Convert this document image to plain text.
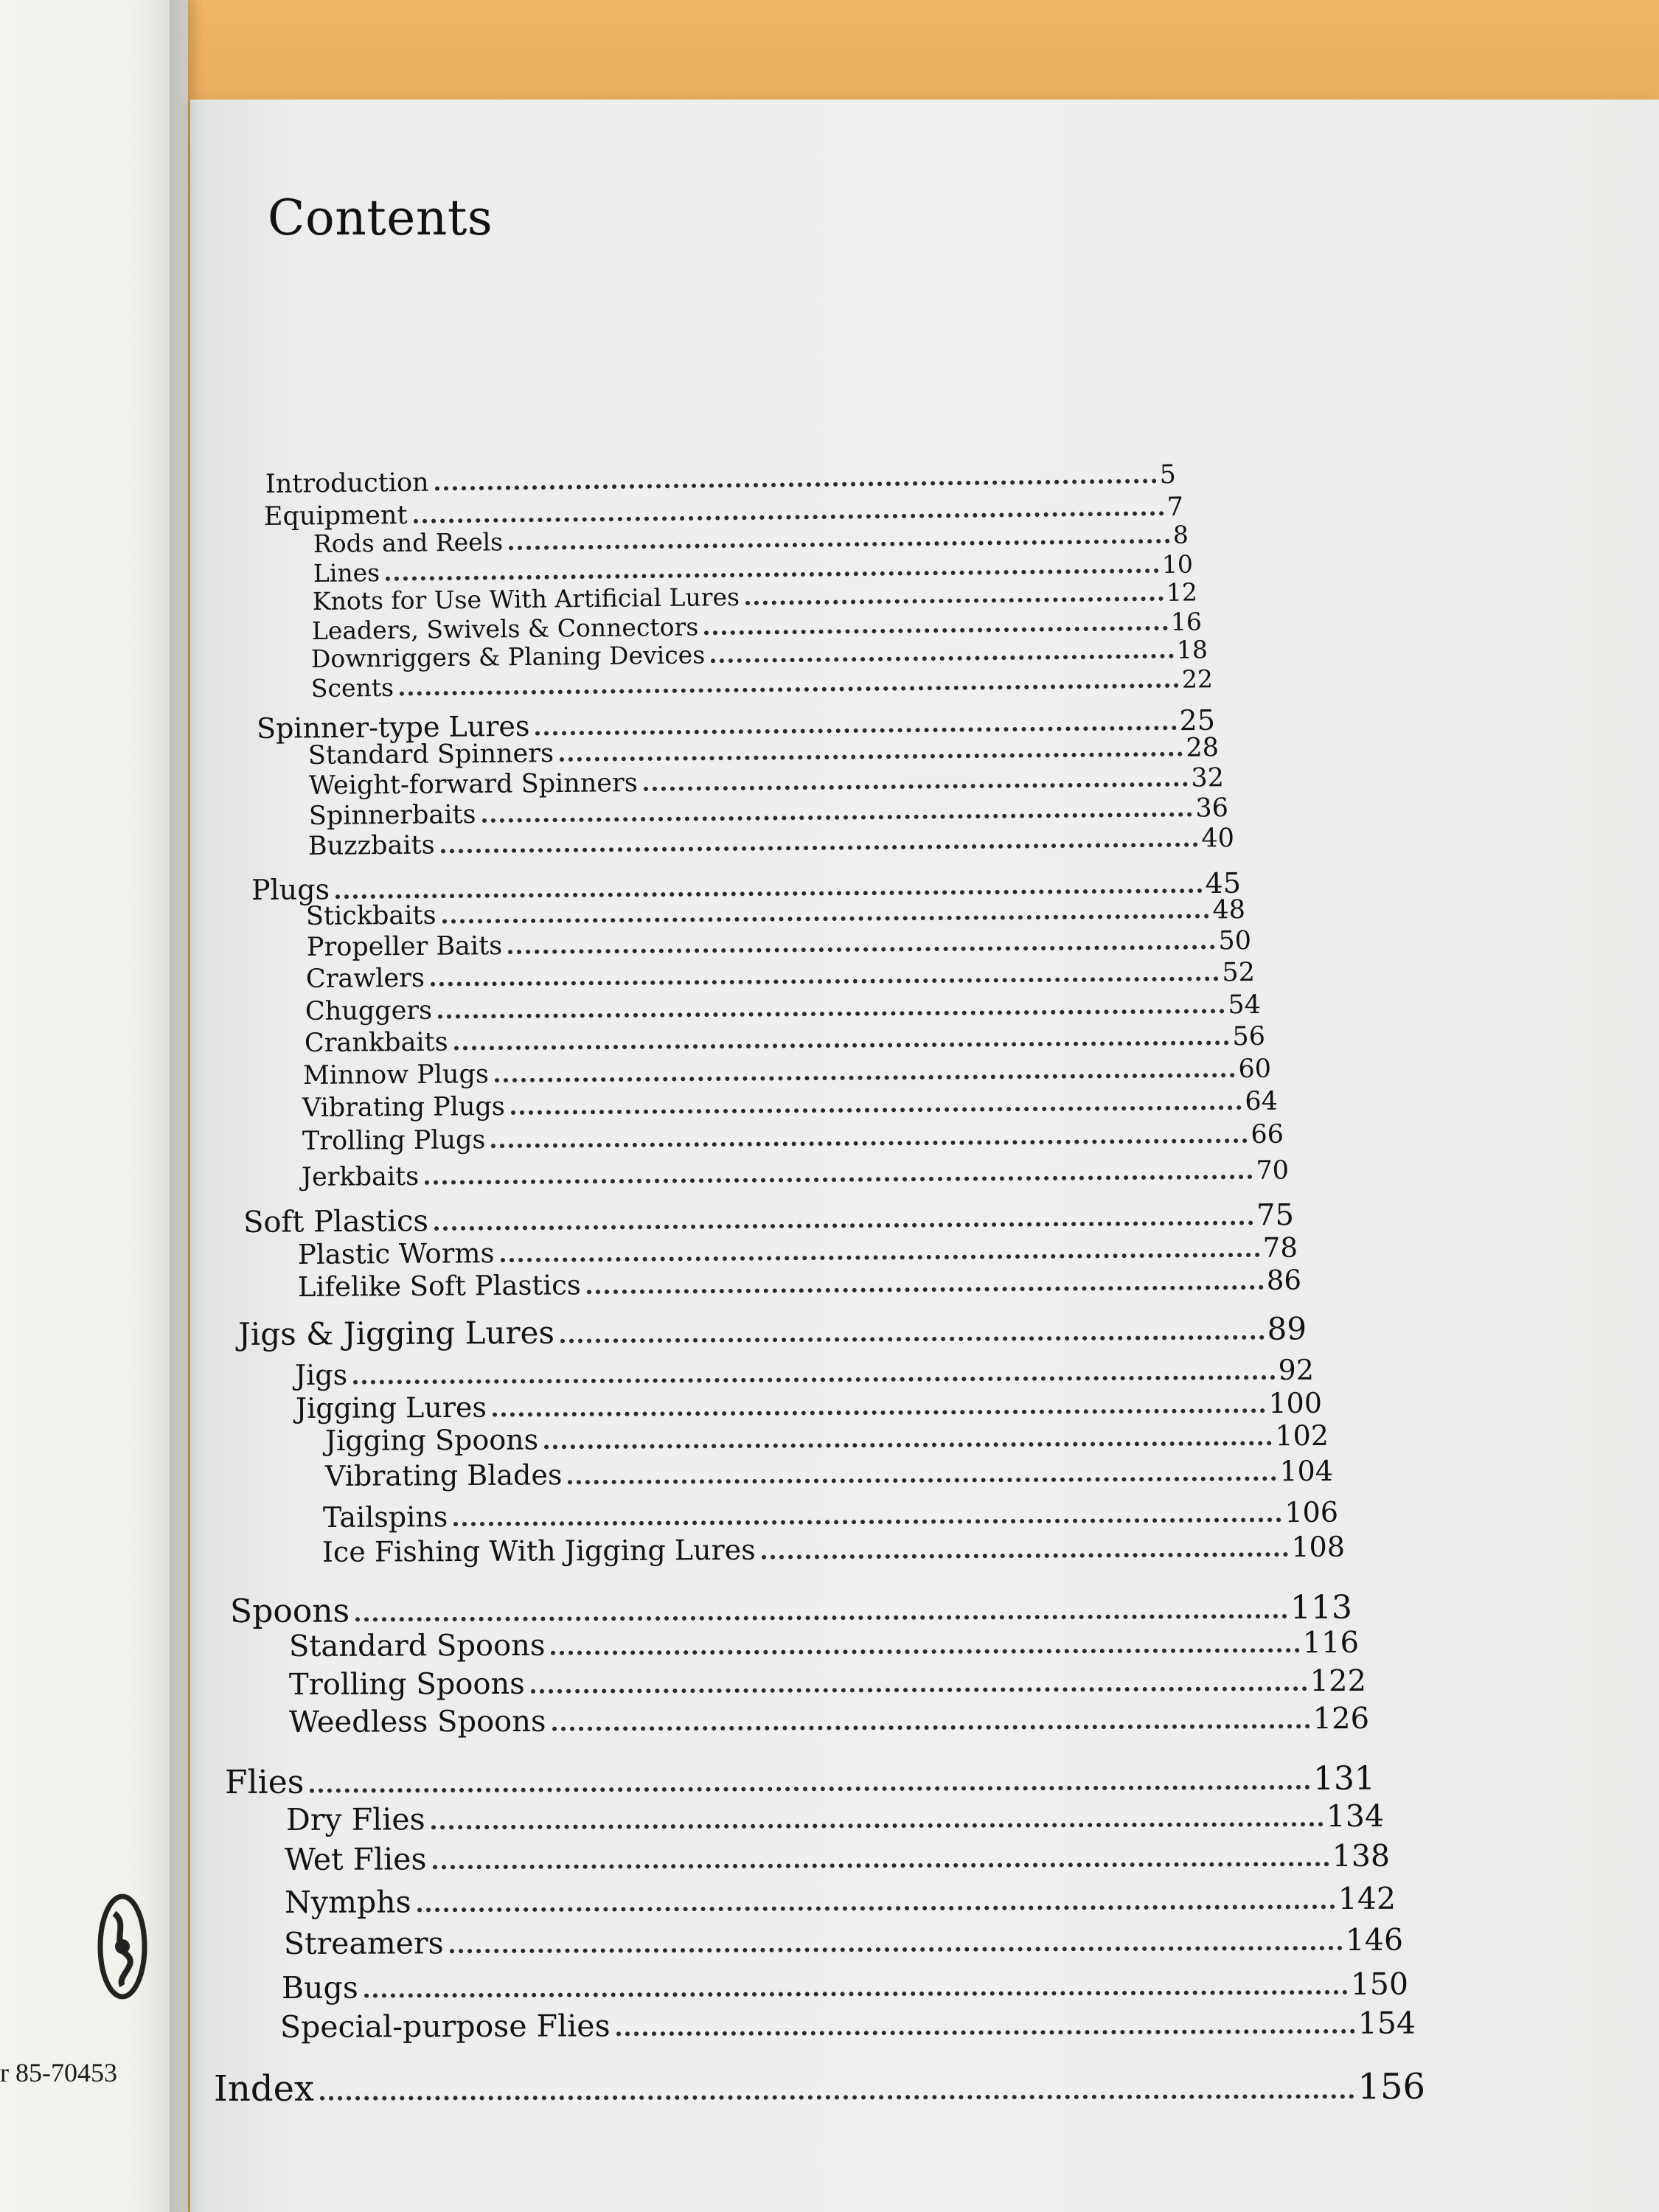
r 85-70453
Contents
Introduction	5
Equipment	7
Rods and Reels	8
Lines	10
Knots for Use With Artificial Lures	12
Leaders, Swivels & Connectors	16
Downriggers & Planing Devices	18
Scents	22
Spinner-type Lures	25
Standard Spinners	28
Weight-forward Spinners	32
Spinnerbaits	36
Buzzbaits	40
Plugs	45
Stickbaits	48
Propeller Baits	50
Crawlers	52
Chuggers	54
Crankbaits	56
Minnow Plugs	60
Vibrating Plugs	64
Trolling Plugs	66
Jerkbaits	70
Soft Plastics	75
Plastic Worms	78
Lifelike Soft Plastics	86
Jigs & Jigging Lures	89
Jigs	92
Jigging Lures	100
Jigging Spoons	102
Vibrating Blades	104
Tailspins	106
Ice Fishing With Jigging Lures	108
Spoons	113
Standard Spoons	116
Trolling Spoons	122
Weedless Spoons	126
Flies	131
Dry Flies	134
Wet Flies	138
Nymphs	142
Streamers	146
Bugs	150
Special-purpose Flies	154
Index	156
